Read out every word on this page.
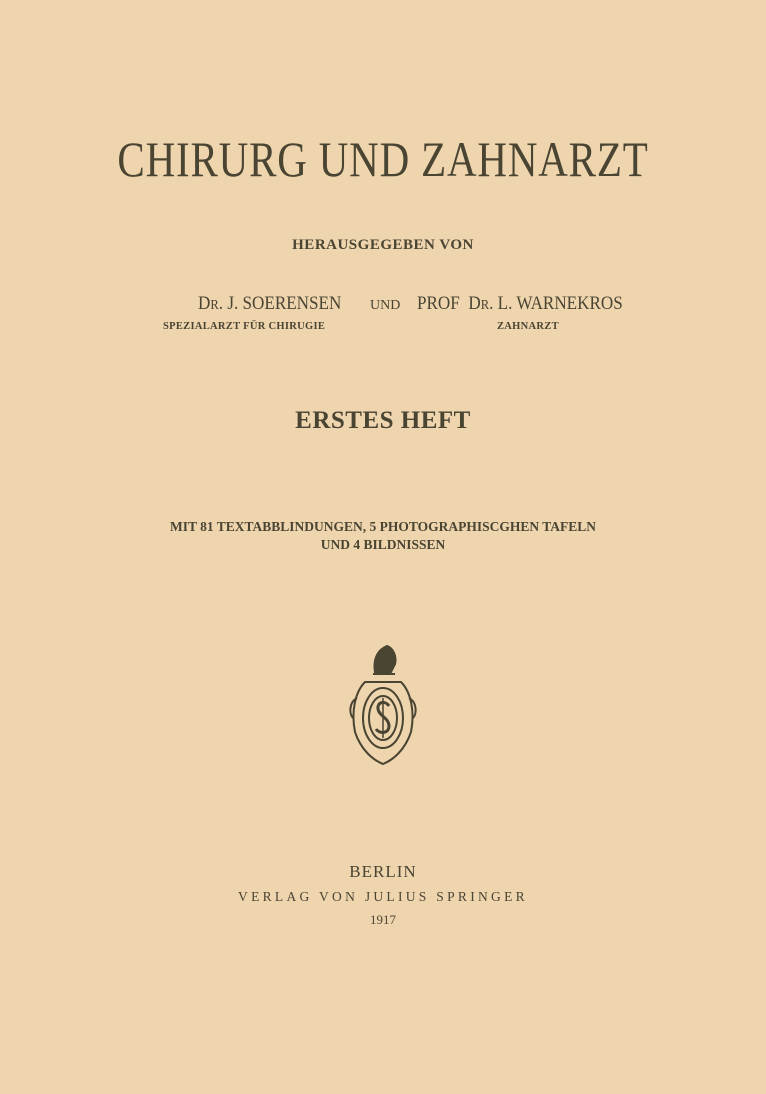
CHIRURG UND ZAHNARZT
HERAUSGEGEBEN VON
DR. J. SOERENSEN
SPEZIALARZT FÜR CHIRUGIE
UND PROF DR. L. WARNEKROS
ZAHNARZT
ERSTES HEFT
MIT 81 TEXTABBLINDUNGEN, 5 PHOTOGRAPHISCGHEN TAFELN
UND 4 BILDNISSEN
BERLIN
VERLAG VON JULIUS SPRINGER
1917
